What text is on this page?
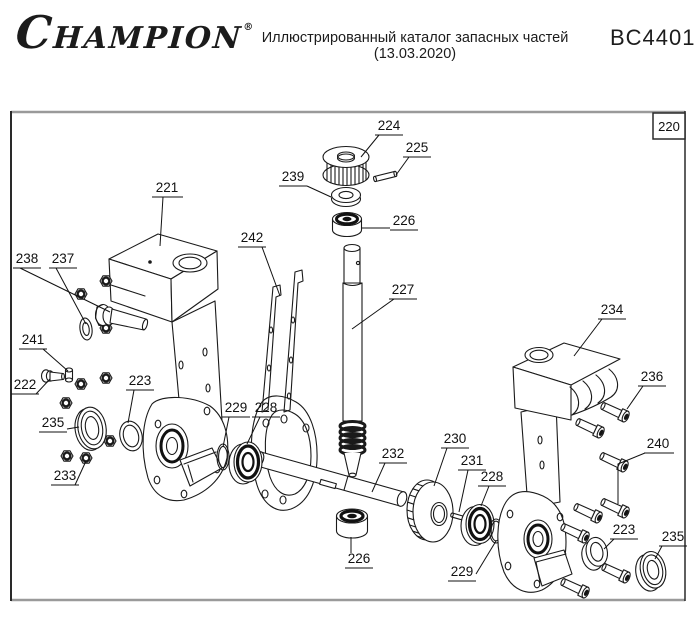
CHAMPION®
Иллюстрированный каталог запасных частей (13.03.2020)
BC4401
220
221
224
225
239
226
242
227
238 237
241
222
235
233
223
229 228
232
230
231
228
229
226
234
236
240
223 235
